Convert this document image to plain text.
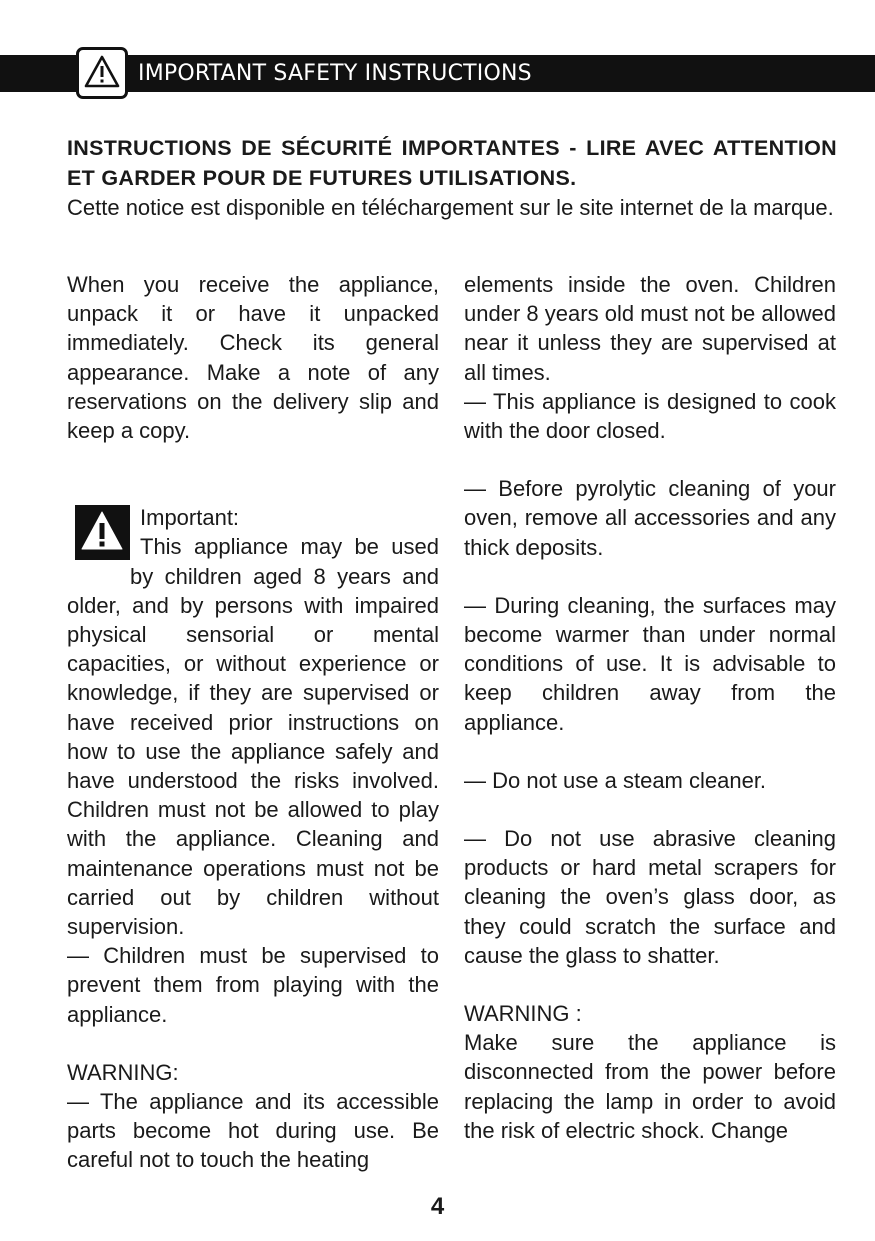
IMPORTANT SAFETY INSTRUCTIONS

INSTRUCTIONS DE SÉCURITÉ IMPORTANTES - LIRE AVEC ATTENTION ET GARDER POUR DE FUTURES UTILISATIONS.

Cette notice est disponible en téléchargement sur le site internet de la marque.

When you receive the appliance, unpack it or have it unpacked immediately. Check its general appearance. Make a note of any reservations on the delivery slip and keep a copy.

Important:

This appliance may be used

by children aged 8 years and

older, and by persons with impaired physical sensorial or mental capacities, or without experience or knowledge, if they are supervised or have received prior instructions on how to use the appliance safely and have understood the risks involved. Children must not be allowed to play with the appliance. Cleaning and maintenance operations must not be carried out by children without supervision.

— Children must be supervised to prevent them from playing with the appliance.

WARNING:

— The appliance and its accessible parts become hot during use. Be careful not to touch the heating

elements inside the oven. Children under 8 years old must not be allowed near it unless they are supervised at all times.

— This appliance is designed to cook with the door closed.

— Before pyrolytic cleaning of your oven, remove all accessories and any thick deposits.

— During cleaning, the surfaces may become warmer than under normal conditions of use. It is advisable to keep children away from the appliance.

— Do not use a steam cleaner.

— Do not use abrasive cleaning products or hard metal scrapers for cleaning the oven’s glass door, as they could scratch the surface and cause the glass to shatter.

WARNING :

Make sure the appliance is disconnected from the power before replacing the lamp in order to avoid the risk of electric shock. Change

4
